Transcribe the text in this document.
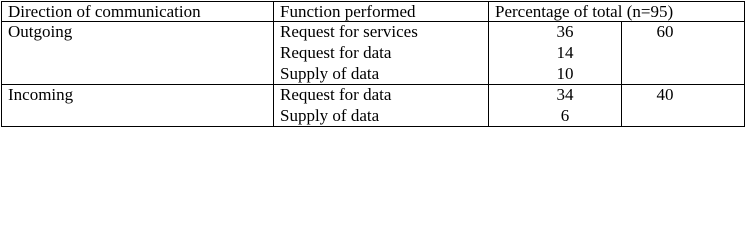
Direction of communication	Function performed	Percentage of total (n=95)	
Outgoing	Request for services	36	60
	Request for data	14	
	Supply of data	10	
Incoming	Request for data	34	40
	Supply of data	6	
